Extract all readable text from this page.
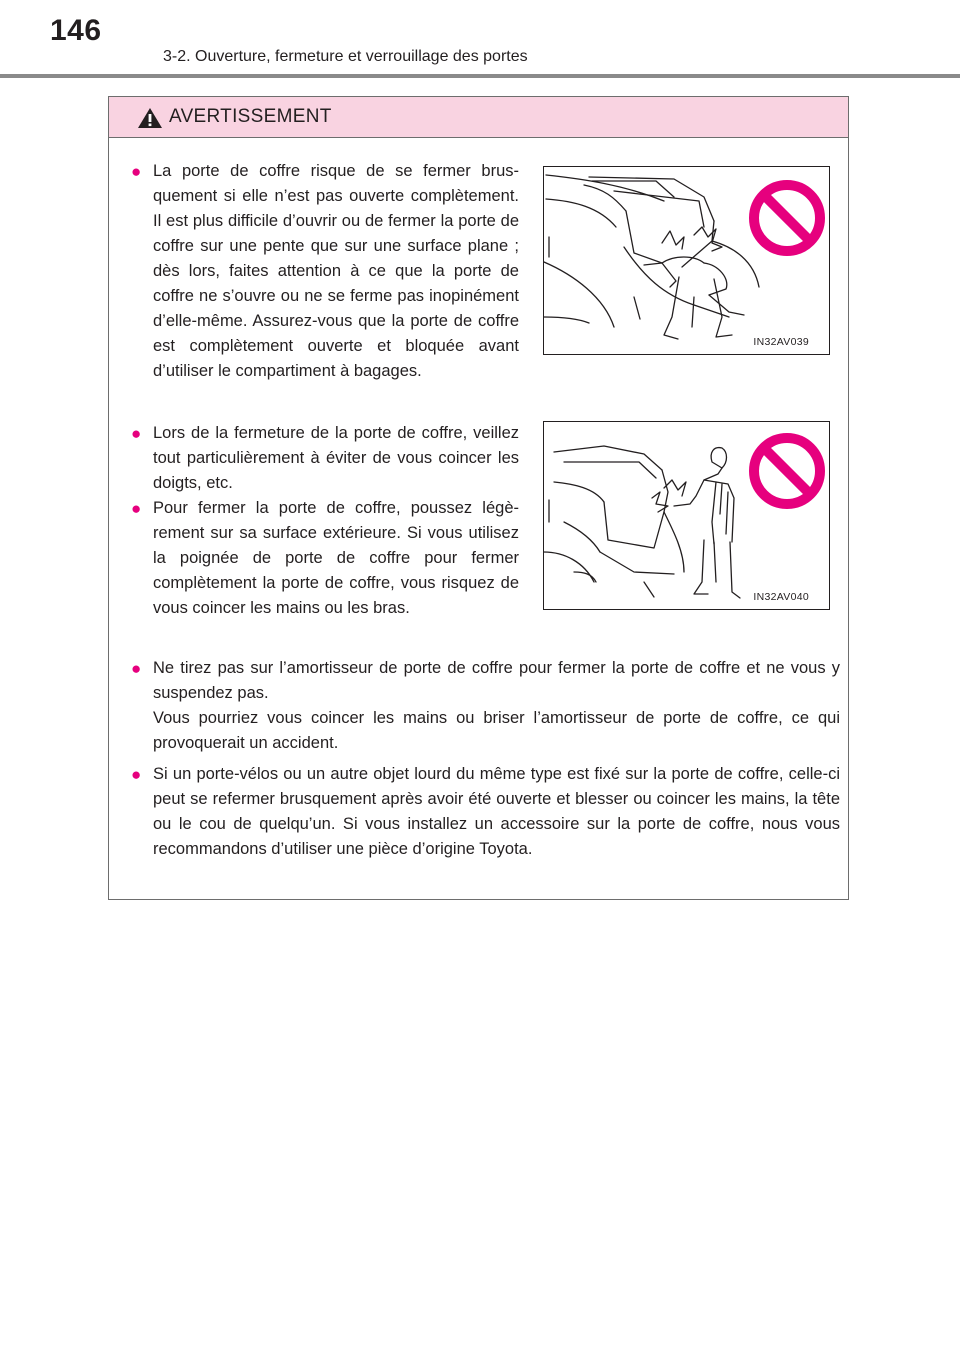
146
3-2. Ouverture, fermeture et verrouillage des portes
AVERTISSEMENT
● La porte de coffre risque de se fermer brusquement si elle n’est pas ouverte complètement. Il est plus difficile d’ouvrir ou de fermer la porte de coffre sur une pente que sur une surface plane ; dès lors, faites attention à ce que la porte de coffre ne s’ouvre ou ne se ferme pas inopinément d’elle-même. Assurez-vous que la porte de coffre est complètement ouverte et bloquée avant d’utiliser le compartiment à bagages.
IN32AV039
● Lors de la fermeture de la porte de coffre, veillez tout particulièrement à éviter de vous coincer les doigts, etc.
● Pour fermer la porte de coffre, poussez légèrement sur sa surface extérieure. Si vous utilisez la poignée de porte de coffre pour fermer complètement la porte de coffre, vous risquez de vous coincer les mains ou les bras.
IN32AV040
● Ne tirez pas sur l’amortisseur de porte de coffre pour fermer la porte de coffre et ne vous y suspendez pas.
Vous pourriez vous coincer les mains ou briser l’amortisseur de porte de coffre, ce qui provoquerait un accident.
● Si un porte-vélos ou un autre objet lourd du même type est fixé sur la porte de coffre, celle-ci peut se refermer brusquement après avoir été ouverte et blesser ou coincer les mains, la tête ou le cou de quelqu’un. Si vous installez un accessoire sur la porte de coffre, nous vous recommandons d’utiliser une pièce d’origine Toyota.
